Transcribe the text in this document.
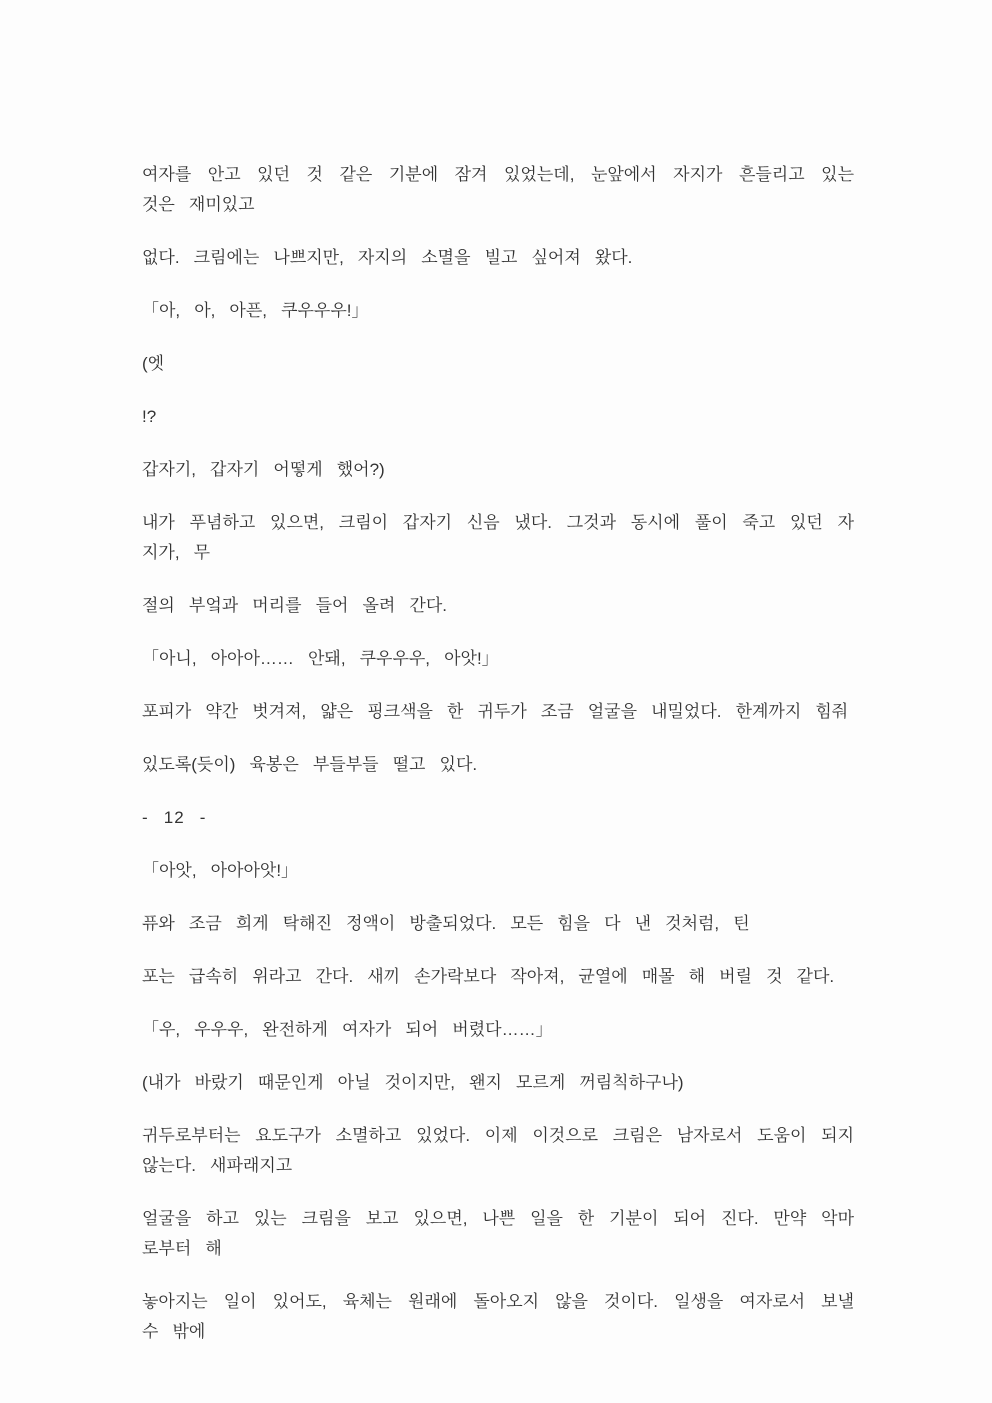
여자를 안고 있던 것 같은 기분에 잠겨 있었는데, 눈앞에서 자지가 흔들리고 있는 것은 재미있고

없다. 크림에는 나쁘지만, 자지의 소멸을 빌고 싶어져 왔다.

「아, 아, 아픈, 쿠우우우!」

(엣

!?

갑자기, 갑자기 어떻게 했어?)

내가 푸념하고 있으면, 크림이 갑자기 신음 냈다. 그것과 동시에 풀이 죽고 있던 자지가, 무

절의 부엌과 머리를 들어 올려 간다.

「아니, 아아아…… 안돼, 쿠우우우, 아앗!」

포피가 약간 벗겨져, 얇은 핑크색을 한 귀두가 조금 얼굴을 내밀었다. 한계까지 힘줘

있도록(듯이) 육봉은 부들부들 떨고 있다.

- 12 -

「아앗, 아아아앗!」

퓨와 조금 희게 탁해진 정액이 방출되었다. 모든 힘을 다 낸 것처럼, 틴

포는 급속히 위라고 간다. 새끼 손가락보다 작아져, 균열에 매몰 해 버릴 것 같다.

「우, 우우우, 완전하게 여자가 되어 버렸다……」

(내가 바랐기 때문인게 아닐 것이지만, 왠지 모르게 꺼림칙하구나)

귀두로부터는 요도구가 소멸하고 있었다. 이제 이것으로 크림은 남자로서 도움이 되지 않는다. 새파래지고

얼굴을 하고 있는 크림을 보고 있으면, 나쁜 일을 한 기분이 되어 진다. 만약 악마로부터 해

놓아지는 일이 있어도, 육체는 원래에 돌아오지 않을 것이다. 일생을 여자로서 보낼 수 밖에
